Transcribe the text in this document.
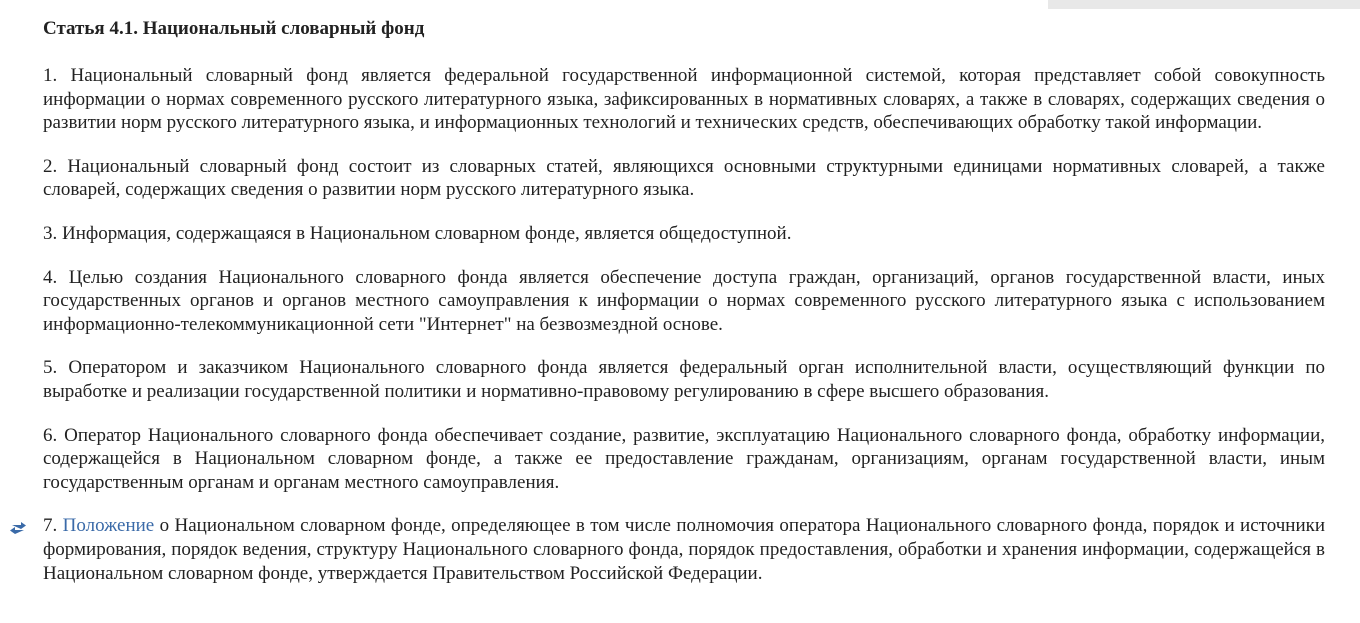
Статья 4.1. Национальный словарный фонд

1. Национальный словарный фонд является федеральной государственной информационной системой, которая представляет собой совокупность информации о нормах современного русского литературного языка, зафиксированных в нормативных словарях, а также в словарях, содержащих сведения о развитии норм русского литературного языка, и информационных технологий и технических средств, обеспечивающих обработку такой информации.

2. Национальный словарный фонд состоит из словарных статей, являющихся основными структурными единицами нормативных словарей, а также словарей, содержащих сведения о развитии норм русского литературного языка.

3. Информация, содержащаяся в Национальном словарном фонде, является общедоступной.

4. Целью создания Национального словарного фонда является обеспечение доступа граждан, организаций, органов государственной власти, иных государственных органов и органов местного самоуправления к информации о нормах современного русского литературного языка с использованием информационно-телекоммуникационной сети "Интернет" на безвозмездной основе.

5. Оператором и заказчиком Национального словарного фонда является федеральный орган исполнительной власти, осуществляющий функции по выработке и реализации государственной политики и нормативно-правовому регулированию в сфере высшего образования.

6. Оператор Национального словарного фонда обеспечивает создание, развитие, эксплуатацию Национального словарного фонда, обработку информации, содержащейся в Национальном словарном фонде, а также ее предоставление гражданам, организациям, органам государственной власти, иным государственным органам и органам местного самоуправления.

7. Положение о Национальном словарном фонде, определяющее в том числе полномочия оператора Национального словарного фонда, порядок и источники формирования, порядок ведения, структуру Национального словарного фонда, порядок предоставления, обработки и хранения информации, содержащейся в Национальном словарном фонде, утверждается Правительством Российской Федерации.
